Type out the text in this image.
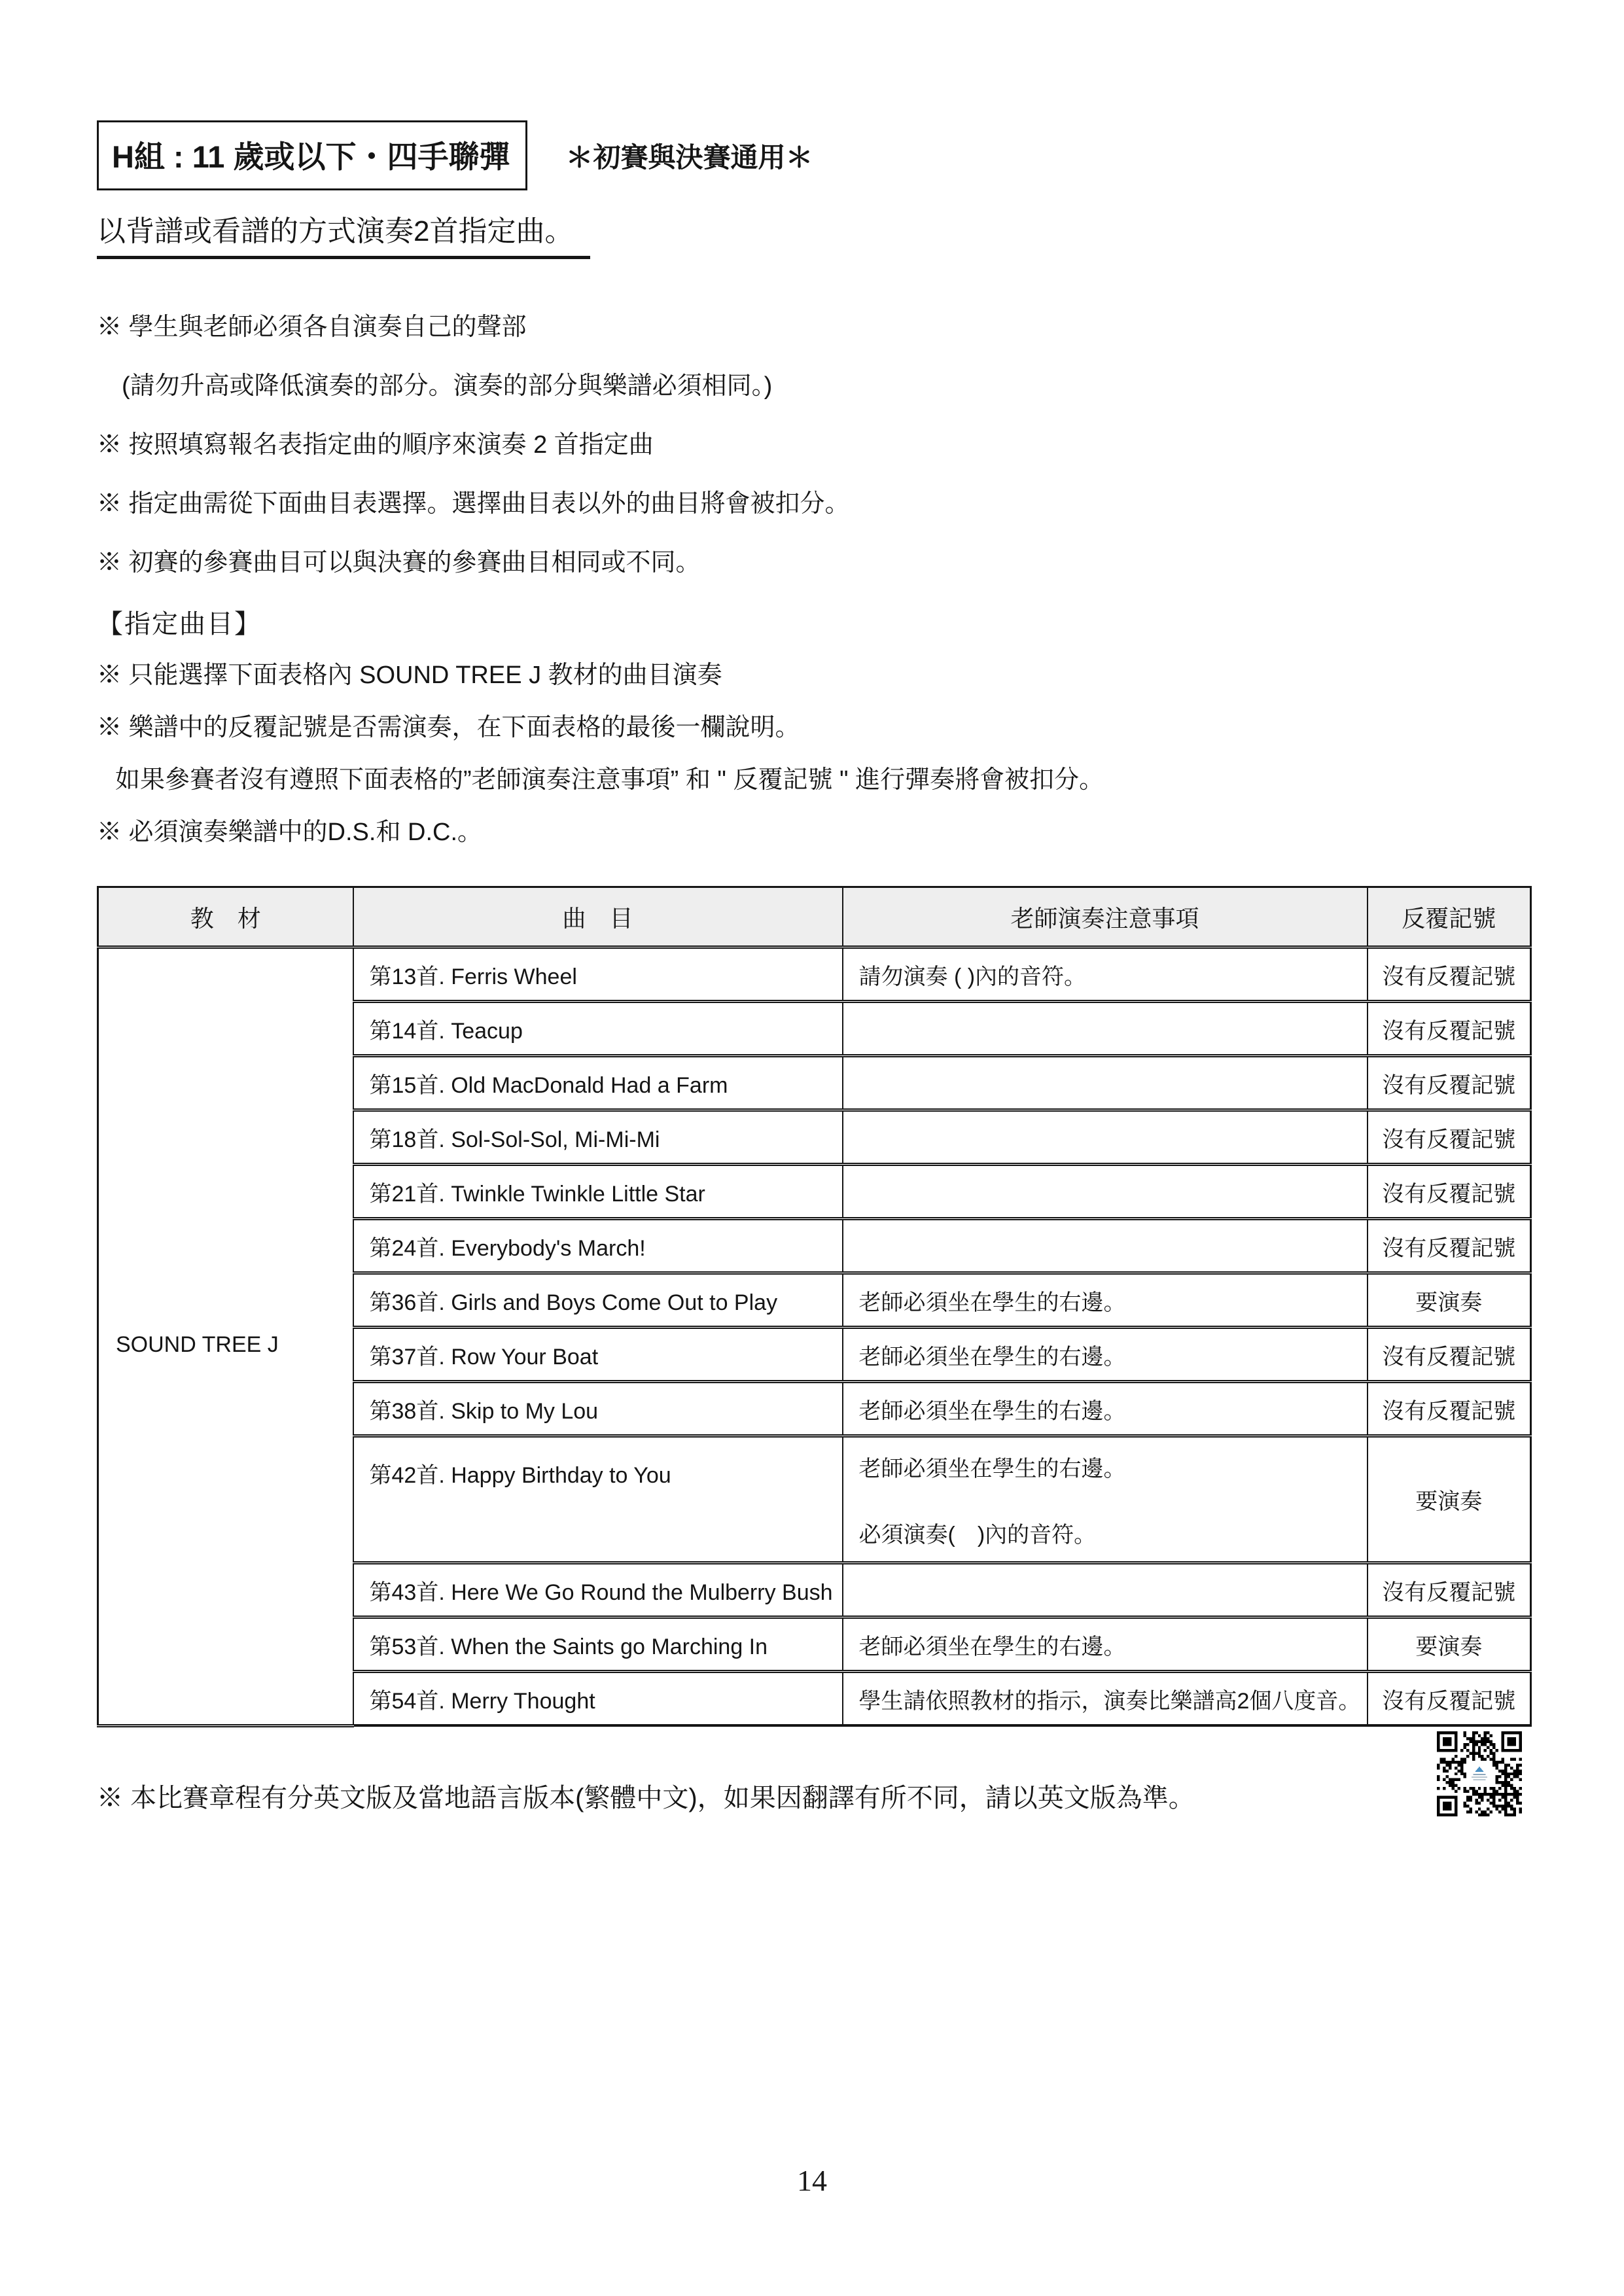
H組 : 11 歲或以下・四手聯彈	＊初賽與決賽通用＊
以背譜或看譜的方式演奏2首指定曲。
※ 學生與老師必須各自演奏自己的聲部
(請勿升高或降低演奏的部分。演奏的部分與樂譜必須相同。)
※ 按照填寫報名表指定曲的順序來演奏 2 首指定曲
※ 指定曲需從下面曲目表選擇。選擇曲目表以外的曲目將會被扣分。
※ 初賽的參賽曲目可以與決賽的參賽曲目相同或不同。
【指定曲目】
※ 只能選擇下面表格內 SOUND TREE J 教材的曲目演奏
※ 樂譜中的反覆記號是否需演奏，在下面表格的最後一欄說明。
如果參賽者沒有遵照下面表格的”老師演奏注意事項” 和 " 反覆記號 " 進行彈奏將會被扣分。
※ 必須演奏樂譜中的D.S.和 D.C.。
教　材	曲　目	老師演奏注意事項	反覆記號
SOUND TREE J	第13首. Ferris Wheel	請勿演奏 ( )內的音符。	沒有反覆記號
	第14首. Teacup		沒有反覆記號
	第15首. Old MacDonald Had a Farm		沒有反覆記號
	第18首. Sol-Sol-Sol, Mi-Mi-Mi		沒有反覆記號
	第21首. Twinkle Twinkle Little Star		沒有反覆記號
	第24首. Everybody's March!		沒有反覆記號
	第36首. Girls and Boys Come Out to Play	老師必須坐在學生的右邊。	要演奏
	第37首. Row Your Boat	老師必須坐在學生的右邊。	沒有反覆記號
	第38首. Skip to My Lou	老師必須坐在學生的右邊。	沒有反覆記號
	第42首. Happy Birthday to You	老師必須坐在學生的右邊。
必須演奏(　)內的音符。	要演奏
	第43首. Here We Go Round the Mulberry Bush		沒有反覆記號
	第53首. When the Saints go Marching In	老師必須坐在學生的右邊。	要演奏
	第54首. Merry Thought	學生請依照教材的指示，演奏比樂譜高2個八度音。	沒有反覆記號
※ 本比賽章程有分英文版及當地語言版本(繁體中文)，如果因翻譯有所不同，請以英文版為準。
14
